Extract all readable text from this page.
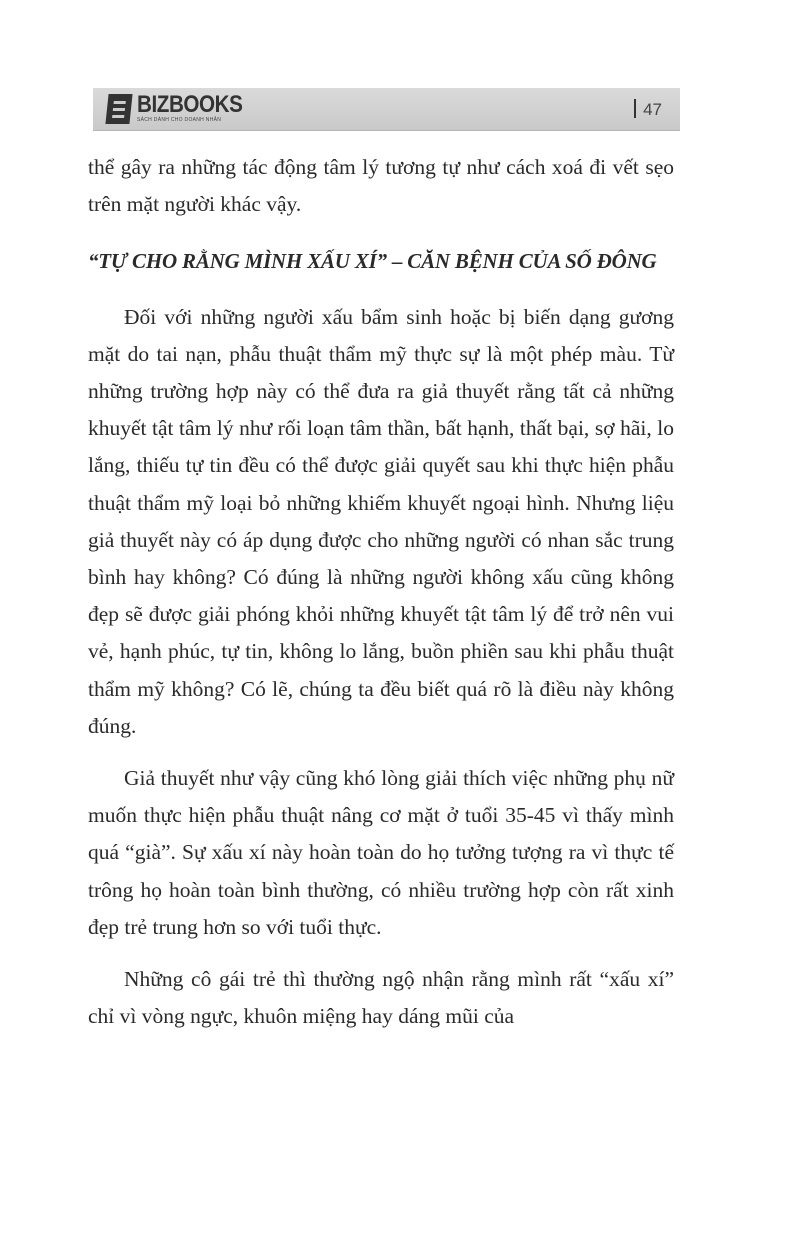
BIZBOOKS
SÁCH DÀNH CHO DOANH NHÂN
47

thể gây ra những tác động tâm lý tương tự như cách xoá đi vết sẹo trên mặt người khác vậy.

“TỰ CHO RẰNG MÌNH XẤU XÍ” – CĂN BỆNH CỦA SỐ ĐÔNG

Đối với những người xấu bẩm sinh hoặc bị biến dạng gương mặt do tai nạn, phẫu thuật thẩm mỹ thực sự là một phép màu. Từ những trường hợp này có thể đưa ra giả thuyết rằng tất cả những khuyết tật tâm lý như rối loạn tâm thần, bất hạnh, thất bại, sợ hãi, lo lắng, thiếu tự tin đều có thể được giải quyết sau khi thực hiện phẫu thuật thẩm mỹ loại bỏ những khiếm khuyết ngoại hình. Nhưng liệu giả thuyết này có áp dụng được cho những người có nhan sắc trung bình hay không? Có đúng là những người không xấu cũng không đẹp sẽ được giải phóng khỏi những khuyết tật tâm lý để trở nên vui vẻ, hạnh phúc, tự tin, không lo lắng, buồn phiền sau khi phẫu thuật thẩm mỹ không? Có lẽ, chúng ta đều biết quá rõ là điều này không đúng.

Giả thuyết như vậy cũng khó lòng giải thích việc những phụ nữ muốn thực hiện phẫu thuật nâng cơ mặt ở tuổi 35-45 vì thấy mình quá “già”. Sự xấu xí này hoàn toàn do họ tưởng tượng ra vì thực tế trông họ hoàn toàn bình thường, có nhiều trường hợp còn rất xinh đẹp trẻ trung hơn so với tuổi thực.

Những cô gái trẻ thì thường ngộ nhận rằng mình rất “xấu xí” chỉ vì vòng ngực, khuôn miệng hay dáng mũi của
